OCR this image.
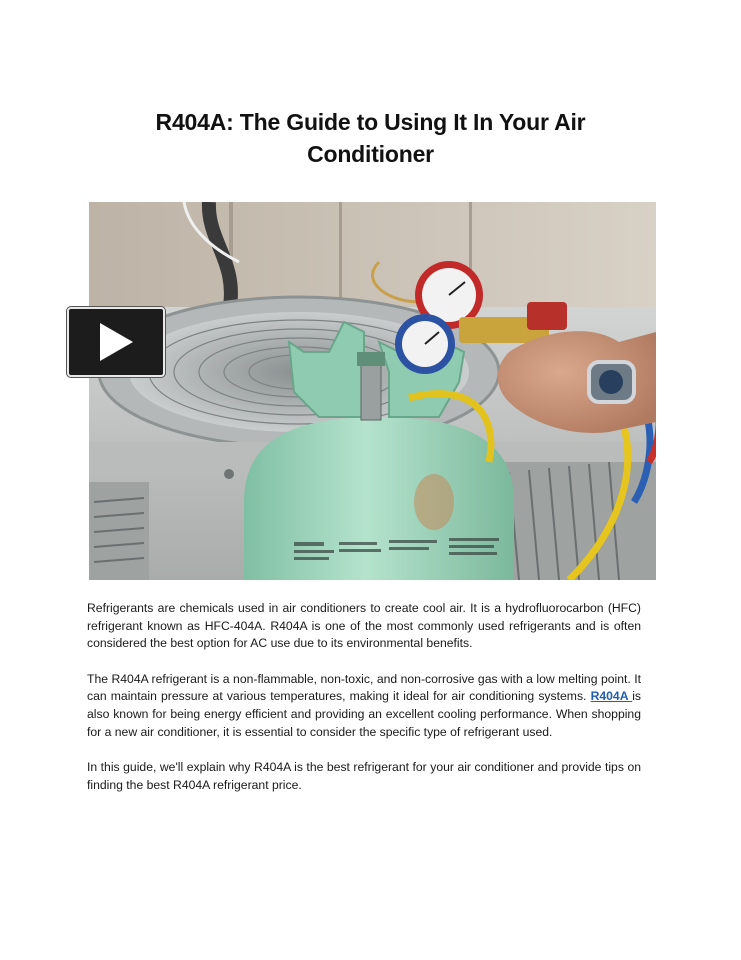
R404A: The Guide to Using It In Your Air
Conditioner

Refrigerants are chemicals used in air conditioners to create cool air. It is a hydrofluorocarbon (HFC) refrigerant known as HFC-404A. R404A is one of the most commonly used refrigerants and is often considered the best option for AC use due to its environmental benefits.

The R404A refrigerant is a non-flammable, non-toxic, and non-corrosive gas with a low melting point. It can maintain pressure at various temperatures, making it ideal for air conditioning systems. R404A is also known for being energy efficient and providing an excellent cooling performance. When shopping for a new air conditioner, it is essential to consider the specific type of refrigerant used.

In this guide, we'll explain why R404A is the best refrigerant for your air conditioner and provide tips on finding the best R404A refrigerant price.
